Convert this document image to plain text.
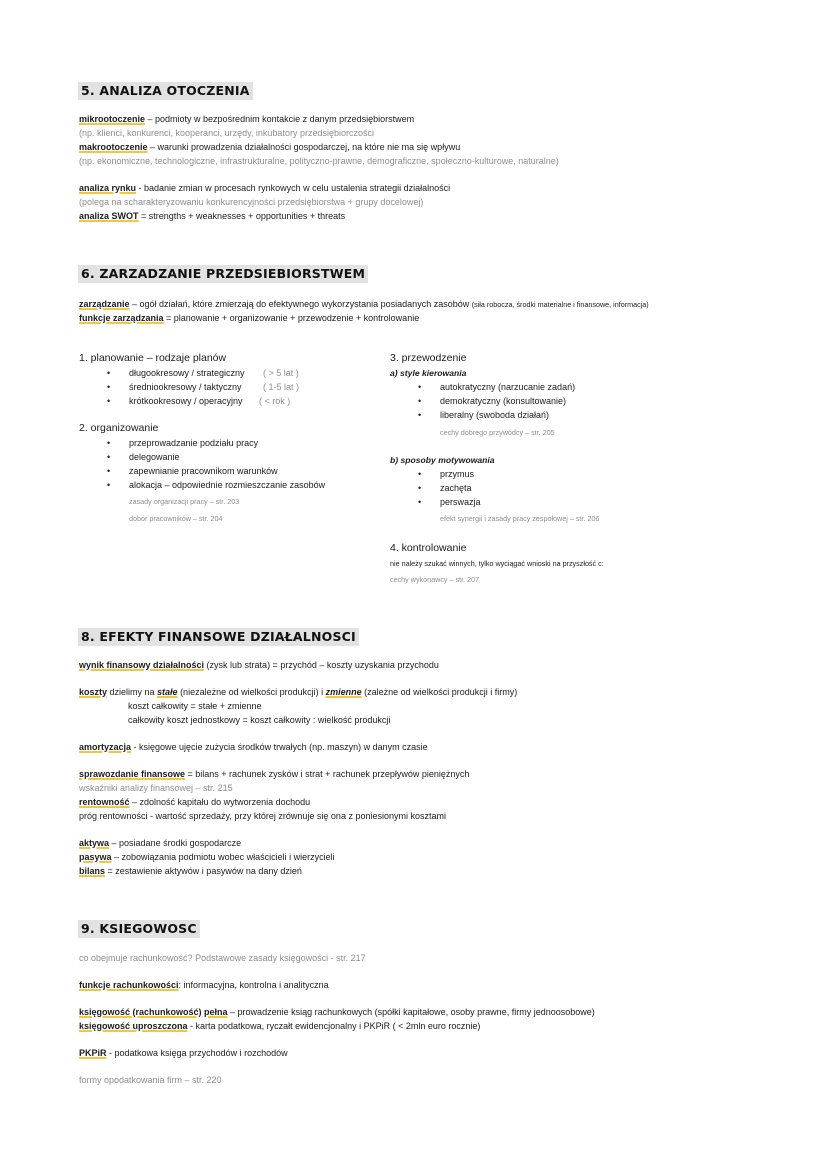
5. ANALIZA OTOCZENIA
mikrootoczenie – podmioty w bezpośrednim kontakcie z danym przedsiębiorstwem
(np. klienci, konkurenci, kooperanci, urzędy, inkubatory przedsiębiorczości
makrootoczenie – warunki prowadzenia działalności gospodarczej, na które nie ma się wpływu
(np. ekonomiczne, technologiczne, infrastrukturalne, polityczno-prawne, demograficzne, społeczno-kulturowe, naturalne)
analiza rynku - badanie zmian w procesach rynkowych w celu ustalenia strategii działalności
(polega na scharakteryzowaniu konkurencyjności przedsiębiorstwa + grupy docelowej)
analiza SWOT = strengths + weaknesses + opportunities + threats
6. ZARZADZANIE PRZEDSIEBIORSTWEM
zarządzanie – ogół działań, które zmierzają do efektywnego wykorzystania posiadanych zasobów (siła robocza, środki materialne i finansowe, informacja)
funkcje zarządzania = planowanie + organizowanie + przewodzenie + kontrolowanie
1. planowanie – rodzaje planów
• długookresowy / strategiczny
• średniookresowy / taktyczny
• krótkookresowy / operacyjny
( > 5 lat )
( 1-5 lat )
( < rok )
2. organizowanie
• przeprowadzanie podziału pracy
• delegowanie
• zapewnianie pracownikom warunków
• alokacja – odpowiednie rozmieszczanie zasobów
zasady organizacji pracy – str. 203
dobór pracowników – str. 204
3. przewodzenie
a) style kierowania
• autokratyczny (narzucanie zadań)
• demokratyczny (konsultowanie)
• liberalny (swoboda działań)
cechy dobrego przywódcy – str. 205
b) sposoby motywowania
• przymus
• zachęta
• perswazja
efekt synergii i zasady pracy zespołowej – str. 206
4. kontrolowanie
nie należy szukać winnych, tylko wyciągać wnioski na przyszłość c:
cechy wykonawcy – str. 207
8. EFEKTY FINANSOWE DZIAŁALNOSCI
wynik finansowy działalności (zysk lub strata) = przychód – koszty uzyskania przychodu
koszty dzielimy na stałe (niezależne od wielkości produkcji) i zmienne (zależne od wielkości produkcji i firmy)
koszt całkowity = stałe + zmienne
całkowity koszt jednostkowy = koszt całkowity : wielkość produkcji
amortyzacja - księgowe ujęcie zużycia środków trwałych (np. maszyn) w danym czasie
sprawozdanie finansowe = bilans + rachunek zysków i strat + rachunek przepływów pieniężnych
wskaźniki analizy finansowej – str. 215
rentowność – zdolność kapitału do wytworzenia dochodu
próg rentowności - wartość sprzedaży, przy której zrównuje się ona z poniesionymi kosztami
aktywa – posiadane środki gospodarcze
pasywa – zobowiązania podmiotu wobec właścicieli i wierzycieli
bilans = zestawienie aktywów i pasywów na dany dzień
9. KSIEGOWOSC
co obejmuje rachunkowość? Podstawowe zasady księgowości - str. 217
funkcje rachunkowości: informacyjna, kontrolna i analityczna
księgowość (rachunkowość) pełna – prowadzenie ksiąg rachunkowych (spółki kapitałowe, osoby prawne, firmy jednoosobowe)
księgowość uproszczona - karta podatkowa, ryczałt ewidencjonalny i PKPiR ( < 2mln euro rocznie)
PKPiR - podatkowa księga przychodów i rozchodów
formy opodatkowania firm – str. 220
